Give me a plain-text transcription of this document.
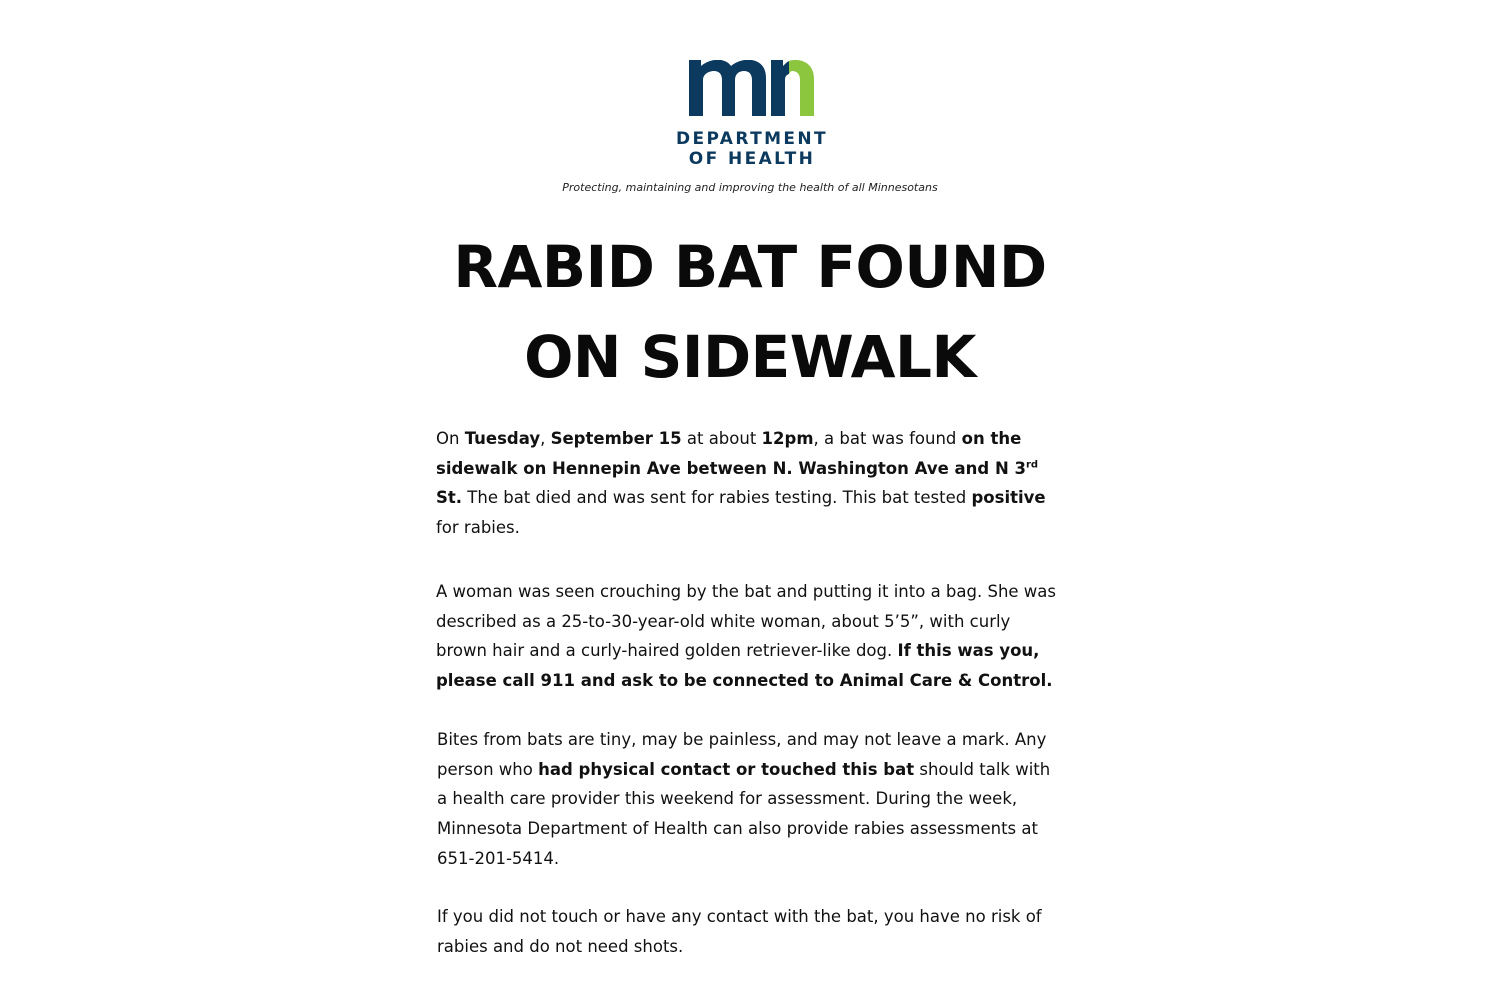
DEPARTMENT
OF HEALTH
Protecting, maintaining and improving the health of all Minnesotans
RABID BAT FOUND
ON SIDEWALK

On Tuesday, September 15 at about 12pm, a bat was found on the sidewalk on Hennepin Ave between N. Washington Ave and N 3rd St. The bat died and was sent for rabies testing. This bat tested positive for rabies.

A woman was seen crouching by the bat and putting it into a bag. She was described as a 25-to-30-year-old white woman, about 5’5”, with curly brown hair and a curly-haired golden retriever-like dog. If this was you, please call 911 and ask to be connected to Animal Care & Control.

Bites from bats are tiny, may be painless, and may not leave a mark. Any person who had physical contact or touched this bat should talk with a health care provider this weekend for assessment. During the week, Minnesota Department of Health can also provide rabies assessments at 651-201-5414.

If you did not touch or have any contact with the bat, you have no risk of rabies and do not need shots.
